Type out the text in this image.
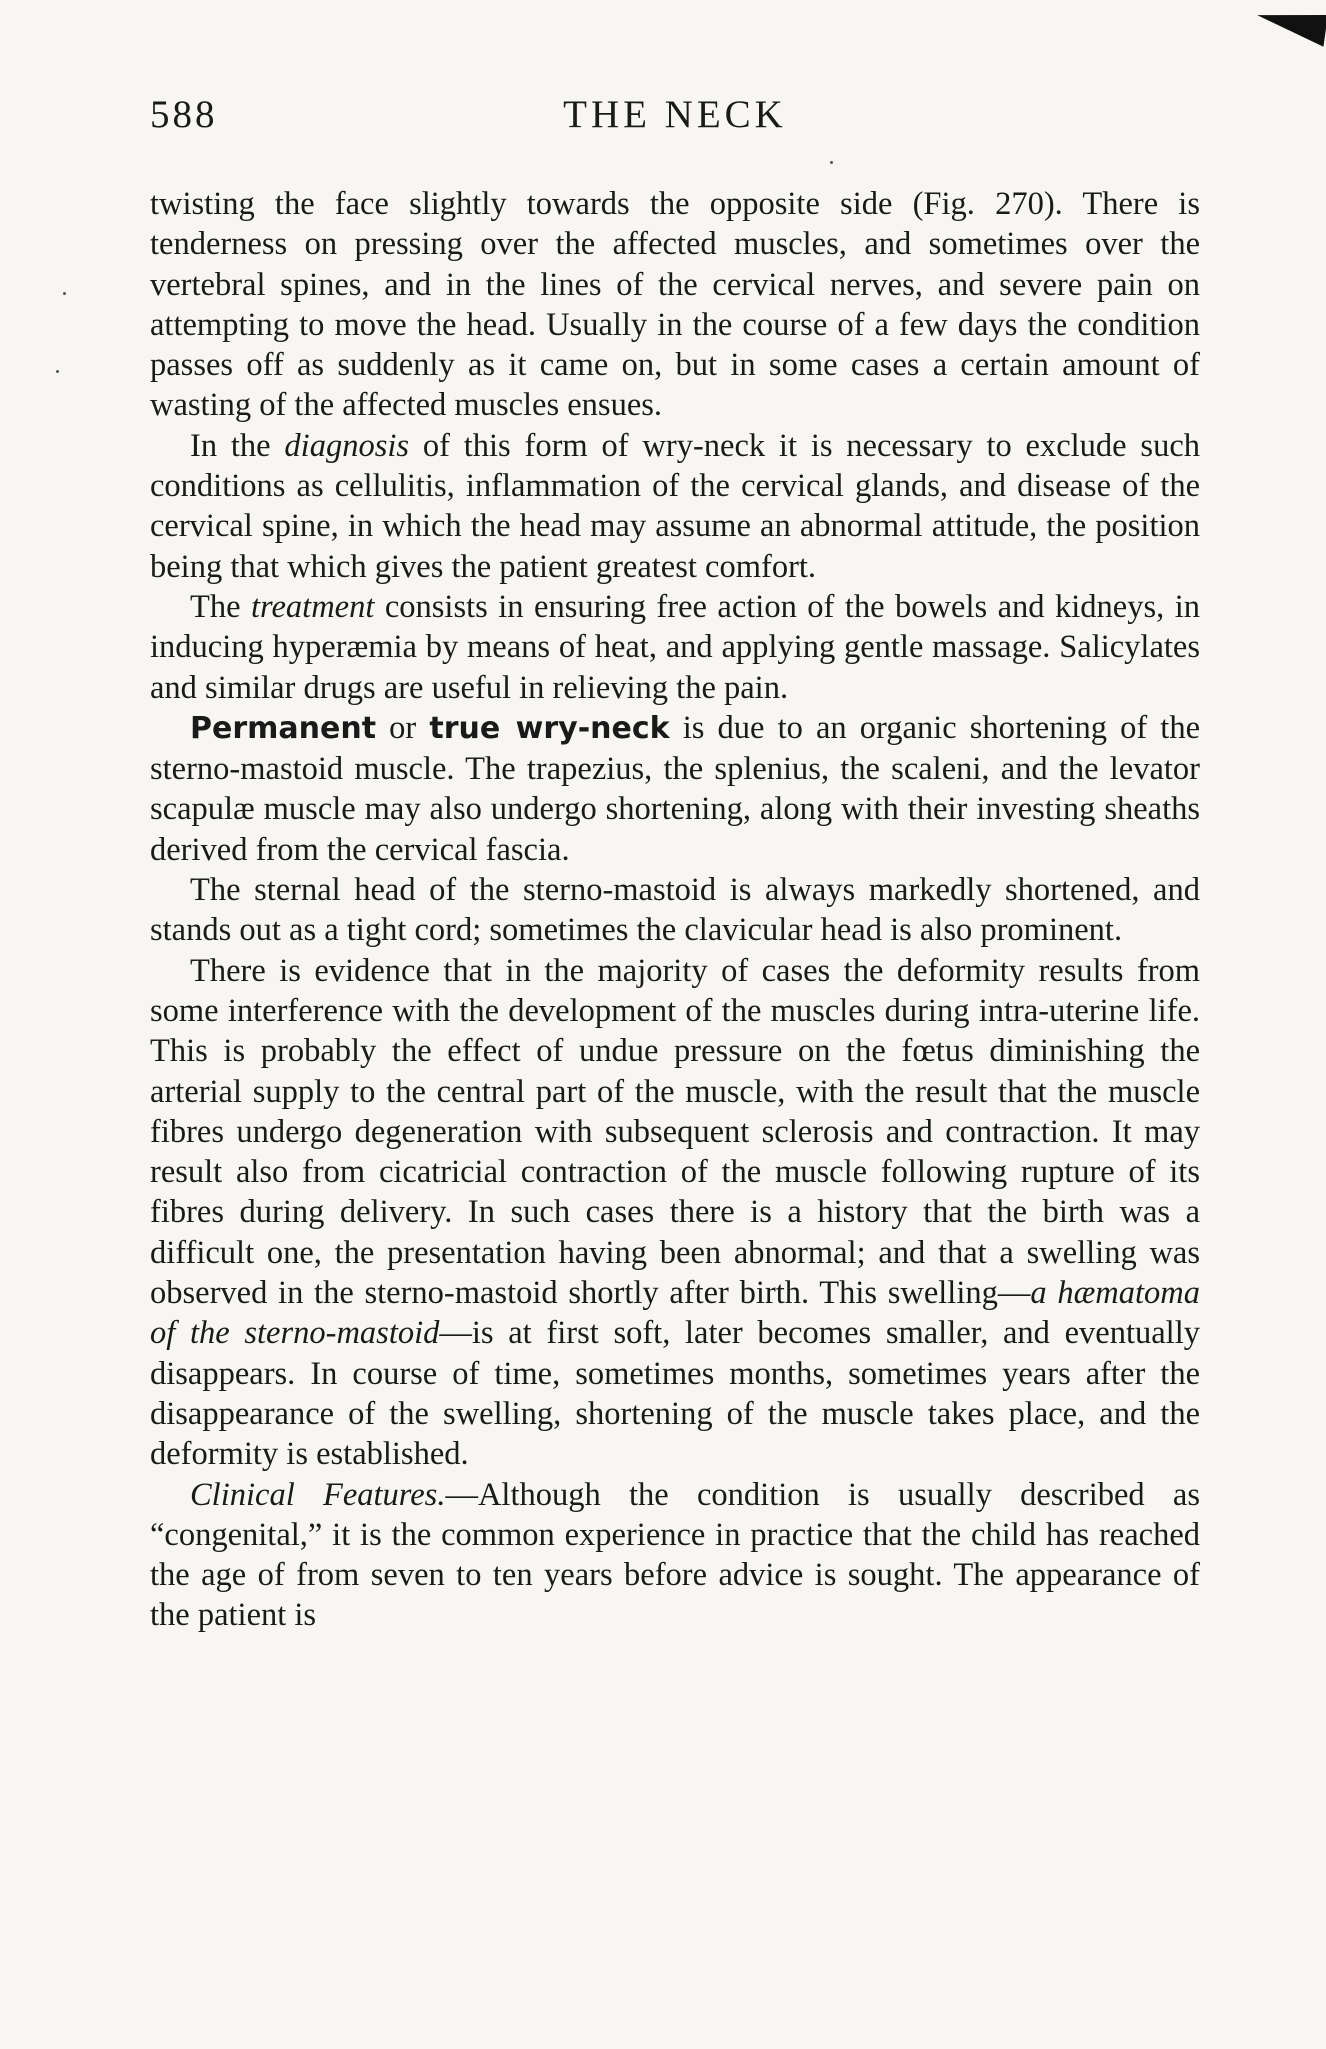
588	THE NECK

twisting the face slightly towards the opposite side (Fig. 270). There is tenderness on pressing over the affected muscles, and sometimes over the vertebral spines, and in the lines of the cervical nerves, and severe pain on attempting to move the head. Usually in the course of a few days the condition passes off as suddenly as it came on, but in some cases a certain amount of wasting of the affected muscles ensues.

In the diagnosis of this form of wry-neck it is necessary to exclude such conditions as cellulitis, inflammation of the cervical glands, and disease of the cervical spine, in which the head may assume an abnormal attitude, the position being that which gives the patient greatest comfort.

The treatment consists in ensuring free action of the bowels and kidneys, in inducing hyperæmia by means of heat, and applying gentle massage. Salicylates and similar drugs are useful in relieving the pain.

Permanent or true wry-neck is due to an organic shortening of the sterno-mastoid muscle. The trapezius, the splenius, the scaleni, and the levator scapulæ muscle may also undergo shortening, along with their investing sheaths derived from the cervical fascia.

The sternal head of the sterno-mastoid is always markedly shortened, and stands out as a tight cord; sometimes the clavicular head is also prominent.

There is evidence that in the majority of cases the deformity results from some interference with the development of the muscles during intra-uterine life. This is probably the effect of undue pressure on the fœtus diminishing the arterial supply to the central part of the muscle, with the result that the muscle fibres undergo degeneration with subsequent sclerosis and contraction. It may result also from cicatricial contraction of the muscle following rupture of its fibres during delivery. In such cases there is a history that the birth was a difficult one, the presentation having been abnormal; and that a swelling was observed in the sterno-mastoid shortly after birth. This swelling—a hæmatoma of the sterno-mastoid—is at first soft, later becomes smaller, and eventually disappears. In course of time, sometimes months, sometimes years after the disappearance of the swelling, shortening of the muscle takes place, and the deformity is established.

Clinical Features.—Although the condition is usually described as “congenital,” it is the common experience in practice that the child has reached the age of from seven to ten years before advice is sought. The appearance of the patient is
